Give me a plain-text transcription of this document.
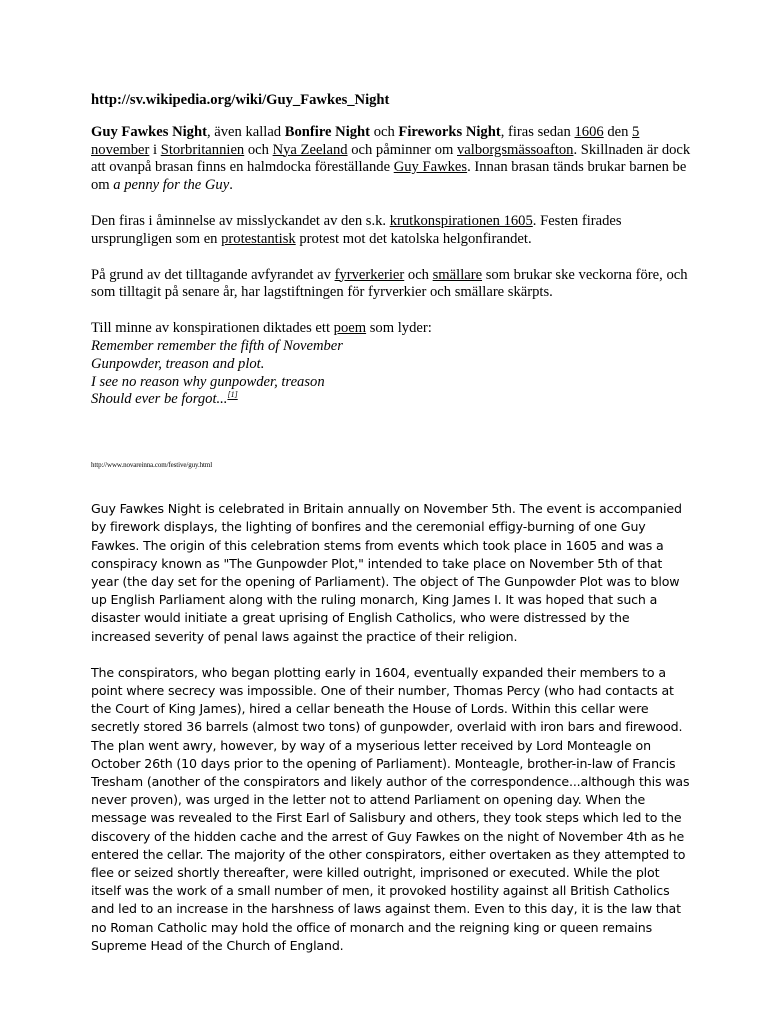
http://sv.wikipedia.org/wiki/Guy_Fawkes_Night

Guy Fawkes Night, även kallad Bonfire Night och Fireworks Night, firas sedan 1606 den 5 november i Storbritannien och Nya Zeeland och påminner om valborgsmässoafton. Skillnaden är dock att ovanpå brasan finns en halmdocka föreställande Guy Fawkes. Innan brasan tänds brukar barnen be om a penny for the Guy.

Den firas i åminnelse av misslyckandet av den s.k. krutkonspirationen 1605. Festen firades ursprungligen som en protestantisk protest mot det katolska helgonfirandet.

På grund av det tilltagande avfyrandet av fyrverkerier och smällare som brukar ske veckorna före, och som tilltagit på senare år, har lagstiftningen för fyrverkier och smällare skärpts.

Till minne av konspirationen diktades ett poem som lyder:

Remember remember the fifth of November
Gunpowder, treason and plot.
I see no reason why gunpowder, treason
Should ever be forgot...[1]

http://www.novareinna.com/festive/guy.html

Guy Fawkes Night is celebrated in Britain annually on November 5th. The event is accompanied by firework displays, the lighting of bonfires and the ceremonial effigy-burning of one Guy Fawkes. The origin of this celebration stems from events which took place in 1605 and was a conspiracy known as "The Gunpowder Plot," intended to take place on November 5th of that year (the day set for the opening of Parliament). The object of The Gunpowder Plot was to blow up English Parliament along with the ruling monarch, King James I. It was hoped that such a disaster would initiate a great uprising of English Catholics, who were distressed by the increased severity of penal laws against the practice of their religion.

The conspirators, who began plotting early in 1604, eventually expanded their members to a point where secrecy was impossible. One of their number, Thomas Percy (who had contacts at the Court of King James), hired a cellar beneath the House of Lords. Within this cellar were secretly stored 36 barrels (almost two tons) of gunpowder, overlaid with iron bars and firewood. The plan went awry, however, by way of a myserious letter received by Lord Monteagle on October 26th (10 days prior to the opening of Parliament). Monteagle, brother-in-law of Francis Tresham (another of the conspirators and likely author of the correspondence...although this was never proven), was urged in the letter not to attend Parliament on opening day. When the message was revealed to the First Earl of Salisbury and others, they took steps which led to the discovery of the hidden cache and the arrest of Guy Fawkes on the night of November 4th as he entered the cellar. The majority of the other conspirators, either overtaken as they attempted to flee or seized shortly thereafter, were killed outright, imprisoned or executed. While the plot itself was the work of a small number of men, it provoked hostility against all British Catholics and led to an increase in the harshness of laws against them. Even to this day, it is the law that no Roman Catholic may hold the office of monarch and the reigning king or queen remains Supreme Head of the Church of England.
